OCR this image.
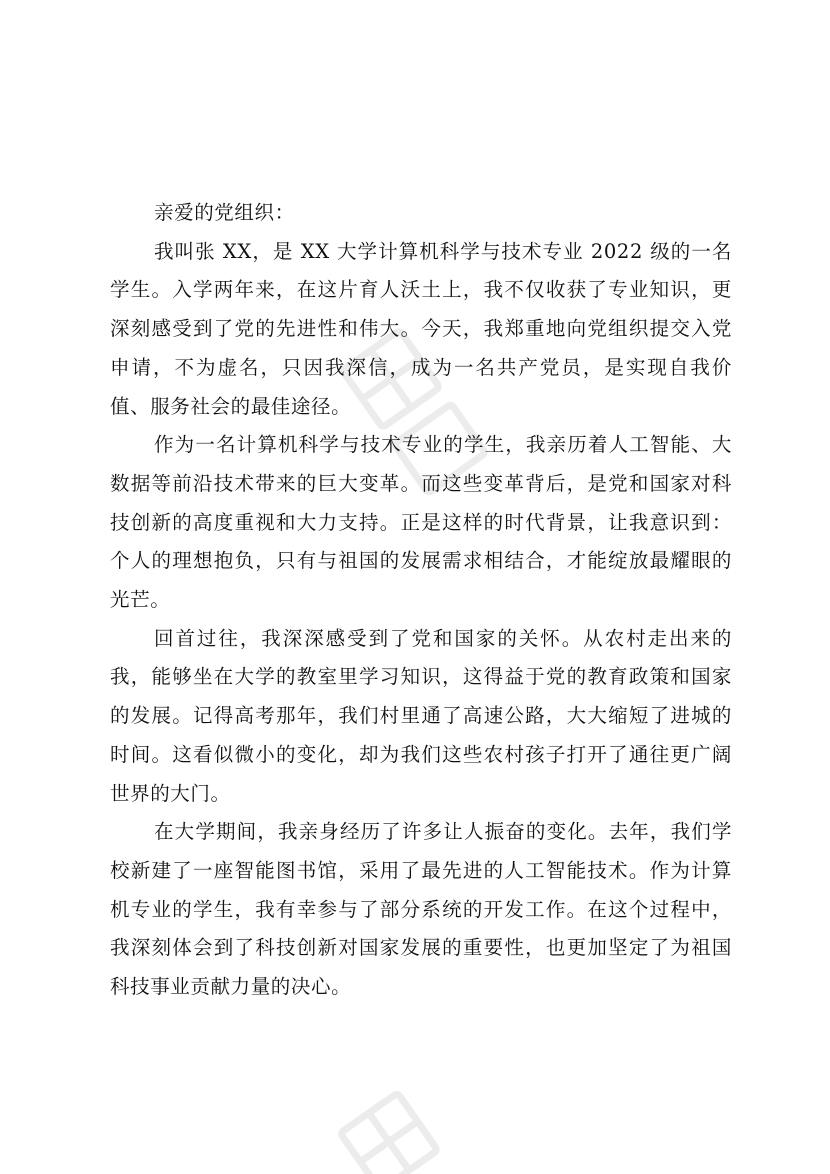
亲爱的党组织：

我叫张 XX，是 XX 大学计算机科学与技术专业 2022 级的一名学生。入学两年来，在这片育人沃土上，我不仅收获了专业知识，更深刻感受到了党的先进性和伟大。今天，我郑重地向党组织提交入党申请，不为虚名，只因我深信，成为一名共产党员，是实现自我价值、服务社会的最佳途径。

作为一名计算机科学与技术专业的学生，我亲历着人工智能、大数据等前沿技术带来的巨大变革。而这些变革背后，是党和国家对科技创新的高度重视和大力支持。正是这样的时代背景，让我意识到：个人的理想抱负，只有与祖国的发展需求相结合，才能绽放最耀眼的光芒。

回首过往，我深深感受到了党和国家的关怀。从农村走出来的我，能够坐在大学的教室里学习知识，这得益于党的教育政策和国家的发展。记得高考那年，我们村里通了高速公路，大大缩短了进城的时间。这看似微小的变化，却为我们这些农村孩子打开了通往更广阔世界的大门。

在大学期间，我亲身经历了许多让人振奋的变化。去年，我们学校新建了一座智能图书馆，采用了最先进的人工智能技术。作为计算机专业的学生，我有幸参与了部分系统的开发工作。在这个过程中，我深刻体会到了科技创新对国家发展的重要性，也更加坚定了为祖国科技事业贡献力量的决心。
